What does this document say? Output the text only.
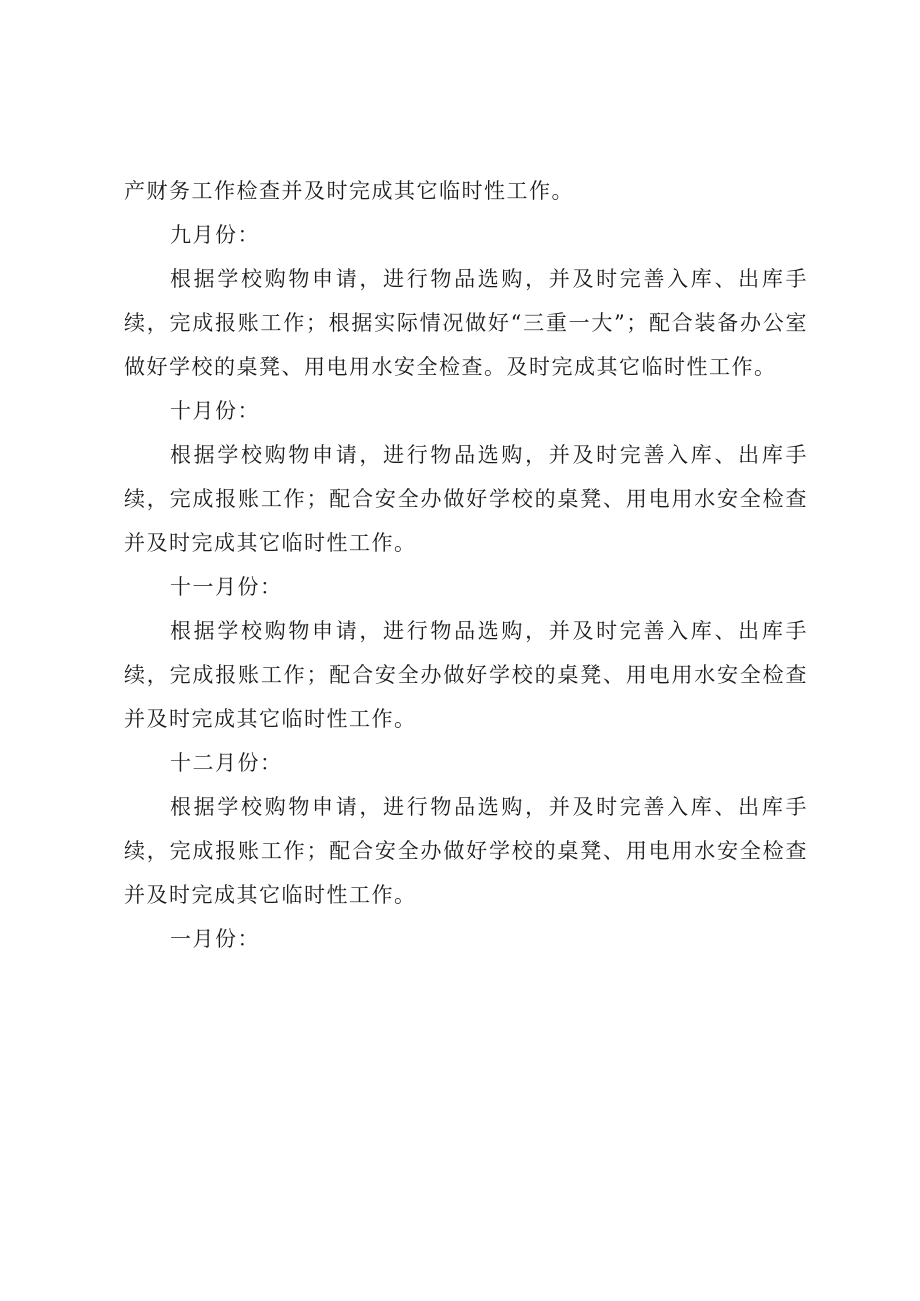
产财务工作检查并及时完成其它临时性工作。

九月份：

根据学校购物申请，进行物品选购，并及时完善入库、出库手续，完成报账工作；根据实际情况做好“三重一大”；配合装备办公室做好学校的桌凳、用电用水安全检查。及时完成其它临时性工作。

十月份：

根据学校购物申请，进行物品选购，并及时完善入库、出库手续，完成报账工作；配合安全办做好学校的桌凳、用电用水安全检查并及时完成其它临时性工作。

十一月份：

根据学校购物申请，进行物品选购，并及时完善入库、出库手续，完成报账工作；配合安全办做好学校的桌凳、用电用水安全检查并及时完成其它临时性工作。

十二月份：

根据学校购物申请，进行物品选购，并及时完善入库、出库手续，完成报账工作；配合安全办做好学校的桌凳、用电用水安全检查并及时完成其它临时性工作。

一月份：
